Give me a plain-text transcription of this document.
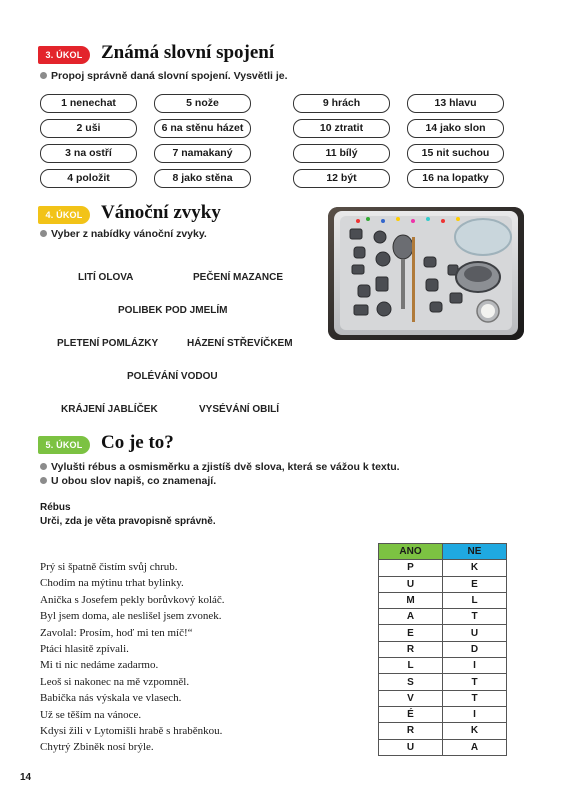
3. ÚKOL Známá slovní spojení
Propoj správně daná slovní spojení. Vysvětli je.
1 nenechat	5 nože	9 hrách	13 hlavu
2 uši	6 na stěnu házet	10 ztratit	14 jako slon
3 na ostří	7 namakaný	11 bílý	15 nit suchou
4 položit	8 jako stěna	12 být	16 na lopatky
4. ÚKOL Vánoční zvyky
Vyber z nabídky vánoční zvyky.
LITÍ OLOVA	PEČENÍ MAZANCE
POLIBEK POD JMELÍM
PLETENÍ POMLÁZKY	HÁZENÍ STŘEVÍČKEM
POLÉVÁNÍ VODOU
KRÁJENÍ JABLÍČEK	VYSÉVÁNÍ OBILÍ
5. ÚKOL Co je to?
Vylušti rébus a osmisměrku a zjistíš dvě slova, která se vážou k textu.
U obou slov napiš, co znamenají.
Rébus
Urči, zda je věta pravopisně správně.
Prý si špatně čistím svůj chrub.
Chodím na mýtinu trhat bylinky.
Anička s Josefem pekly borůvkový koláč.
Byl jsem doma, ale neslišel jsem zvonek.
Zavolal: Prosím, hoď mi ten míč!“
Ptáci hlasitě zpívali.
Mi ti nic nedáme zadarmo.
Leoš si nakonec na mě vzpomněl.
Babička nás výskala ve vlasech.
Už se těším na vánoce.
Kdysi žili v Lytomišli hrabě s hraběnkou.
Chytrý Zbiněk nosí brýle.
ANO	NE
P	K
U	E
M	L
A	T
E	U
R	D
L	I
S	T
V	T
É	I
R	K
U	A
14
